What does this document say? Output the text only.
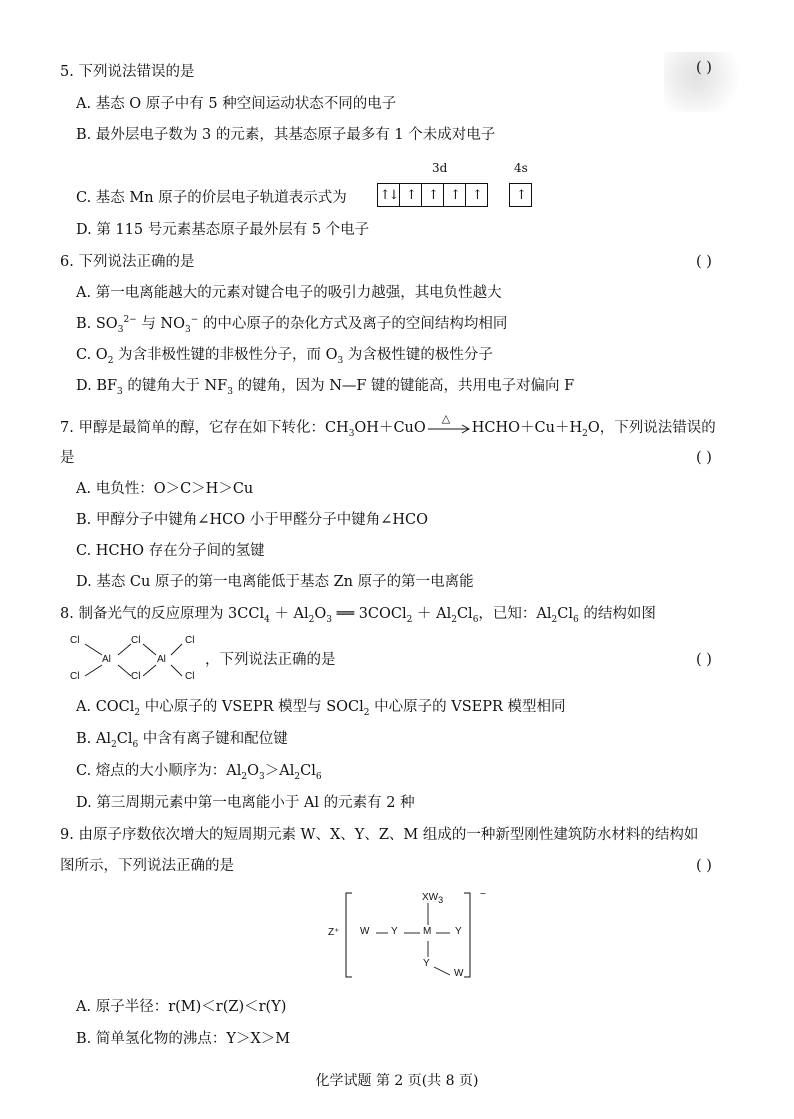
5. 下列说法错误的是	( )
A. 基态 O 原子中有 5 种空间运动状态不同的电子
B. 最外层电子数为 3 的元素，其基态原子最多有 1 个未成对电子
3d	4s
C. 基态 Mn 原子的价层电子轨道表示式为	↑↓ ↑	↑	↑	↑	↑
D. 第 115 号元素基态原子最外层有 5 个电子
6. 下列说法正确的是	( )
A. 第一电离能越大的元素对键合电子的吸引力越强，其电负性越大
B. $SO_3^{2-}$ 与 $NO_3^-$ 的中心原子的杂化方式及离子的空间结构均相同
C. $O_2$ 为含非极性键的非极性分子，而 $O_3$ 为含极性键的极性分子
D. $BF_3$ 的键角大于 $NF_3$ 的键角，因为 N—F 键的键能高，共用电子对偏向 F
7. 甲醇是最简单的醇，它存在如下转化：$CH_3OH+CuO$
△
$HCHO+Cu+H_2O$，下列说法错误的
是	( )
A. 电负性：O＞C＞H＞Cu
B. 甲醇分子中键角∠HCO 小于甲醛分子中键角∠HCO
C. HCHO 存在分子间的氢键
D. 基态 Cu 原子的第一电离能低于基态 Zn 原子的第一电离能
8. 制备光气的反应原理为 $3CCl_4 + Al_2O_3$ ══ 3COCl$_2$ ＋ $Al_2Cl_6$，已知：$Al_2Cl_6$ 的结构如图
Cl
Cl
Al
Cl
Cl
Al
Cl
Cl
，下列说法正确的是	( )
A. COCl$_2$ 中心原子的 VSEPR 模型与 SOCl$_2$ 中心原子的 VSEPR 模型相同
B. $Al_2Cl_6$ 中含有离子键和配位键
C. 熔点的大小顺序为：$Al_2O_3>Al_2Cl_6$
D. 第三周期元素中第一电离能小于 Al 的元素有 2 种
9. 由原子序数依次增大的短周期元素 W、X、Y、Z、M 组成的一种新型刚性建筑防水材料的结构如
图所示，下列说法正确的是	( )
Z⁺
−
$XW_3$
W Y	M Y
Y
W
A. 原子半径：r(M)＜r(Z)＜r(Y)
B. 简单氢化物的沸点：Y＞X＞M
化学试题 第 2 页(共 8 页)
